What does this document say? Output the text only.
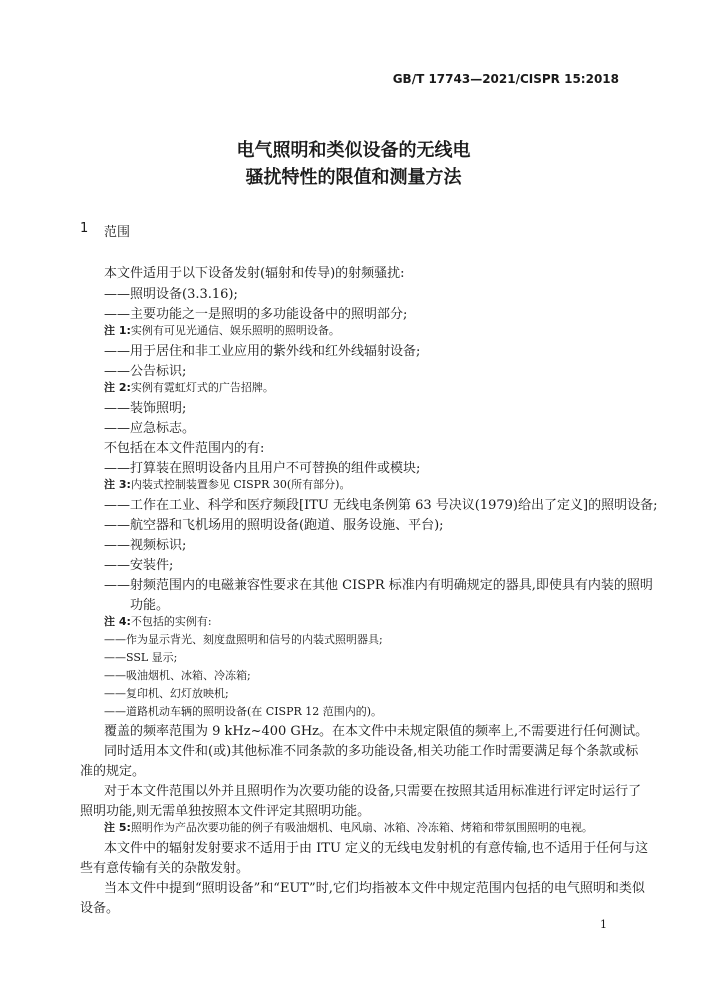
GB/T 17743—2021/CISPR 15:2018
电气照明和类似设备的无线电
骚扰特性的限值和测量方法
1 范围
本文件适用于以下设备发射(辐射和传导)的射频骚扰:
——照明设备(3.3.16);
——主要功能之一是照明的多功能设备中的照明部分;
注 1:实例有可见光通信、娱乐照明的照明设备。
——用于居住和非工业应用的紫外线和红外线辐射设备;
——公告标识;
注 2:实例有霓虹灯式的广告招牌。
——装饰照明;
——应急标志。
不包括在本文件范围内的有:
——打算装在照明设备内且用户不可替换的组件或模块;
注 3:内装式控制装置参见 CISPR 30(所有部分)。
——工作在工业、科学和医疗频段[ITU 无线电条例第 63 号决议(1979)给出了定义]的照明设备;
——航空器和飞机场用的照明设备(跑道、服务设施、平台);
——视频标识;
——安装件;
——射频范围内的电磁兼容性要求在其他 CISPR 标准内有明确规定的器具,即使具有内装的照明
功能。
注 4:不包括的实例有:
——作为显示背光、刻度盘照明和信号的内装式照明器具;
——SSL 显示;
——吸油烟机、冰箱、冷冻箱;
——复印机、幻灯放映机;
——道路机动车辆的照明设备(在 CISPR 12 范围内的)。
覆盖的频率范围为 9 kHz~400 GHz。在本文件中未规定限值的频率上,不需要进行任何测试。
同时适用本文件和(或)其他标准不同条款的多功能设备,相关功能工作时需要满足每个条款或标
准的规定。
对于本文件范围以外并且照明作为次要功能的设备,只需要在按照其适用标准进行评定时运行了
照明功能,则无需单独按照本文件评定其照明功能。
注 5:照明作为产品次要功能的例子有吸油烟机、电风扇、冰箱、冷冻箱、烤箱和带氛围照明的电视。
本文件中的辐射发射要求不适用于由 ITU 定义的无线电发射机的有意传输,也不适用于任何与这
些有意传输有关的杂散发射。
当本文件中提到“照明设备”和“EUT”时,它们均指被本文件中规定范围内包括的电气照明和类似
设备。
1
